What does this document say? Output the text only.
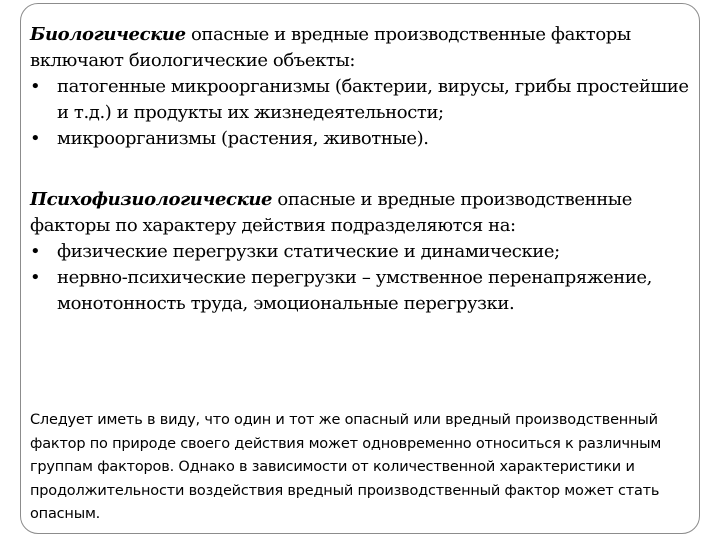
Биологические опасные и вредные производственные факторы включают биологические объекты:
• патогенные микроорганизмы (бактерии, вирусы, грибы простейшие и т.д.) и продукты их жизнедеятельности;
• микроорганизмы (растения, животные).
Психофизиологические опасные и вредные производственные факторы по характеру действия подразделяются на:
• физические перегрузки статические и динамические;
• нервно-психические перегрузки – умственное перенапряжение, монотонность труда, эмоциональные перегрузки.
Следует иметь в виду, что один и тот же опасный или вредный производственный фактор по природе своего действия может одновременно относиться к различным группам факторов. Однако в зависимости от количественной характеристики и продолжительности воздействия вредный производственный фактор может стать опасным.
